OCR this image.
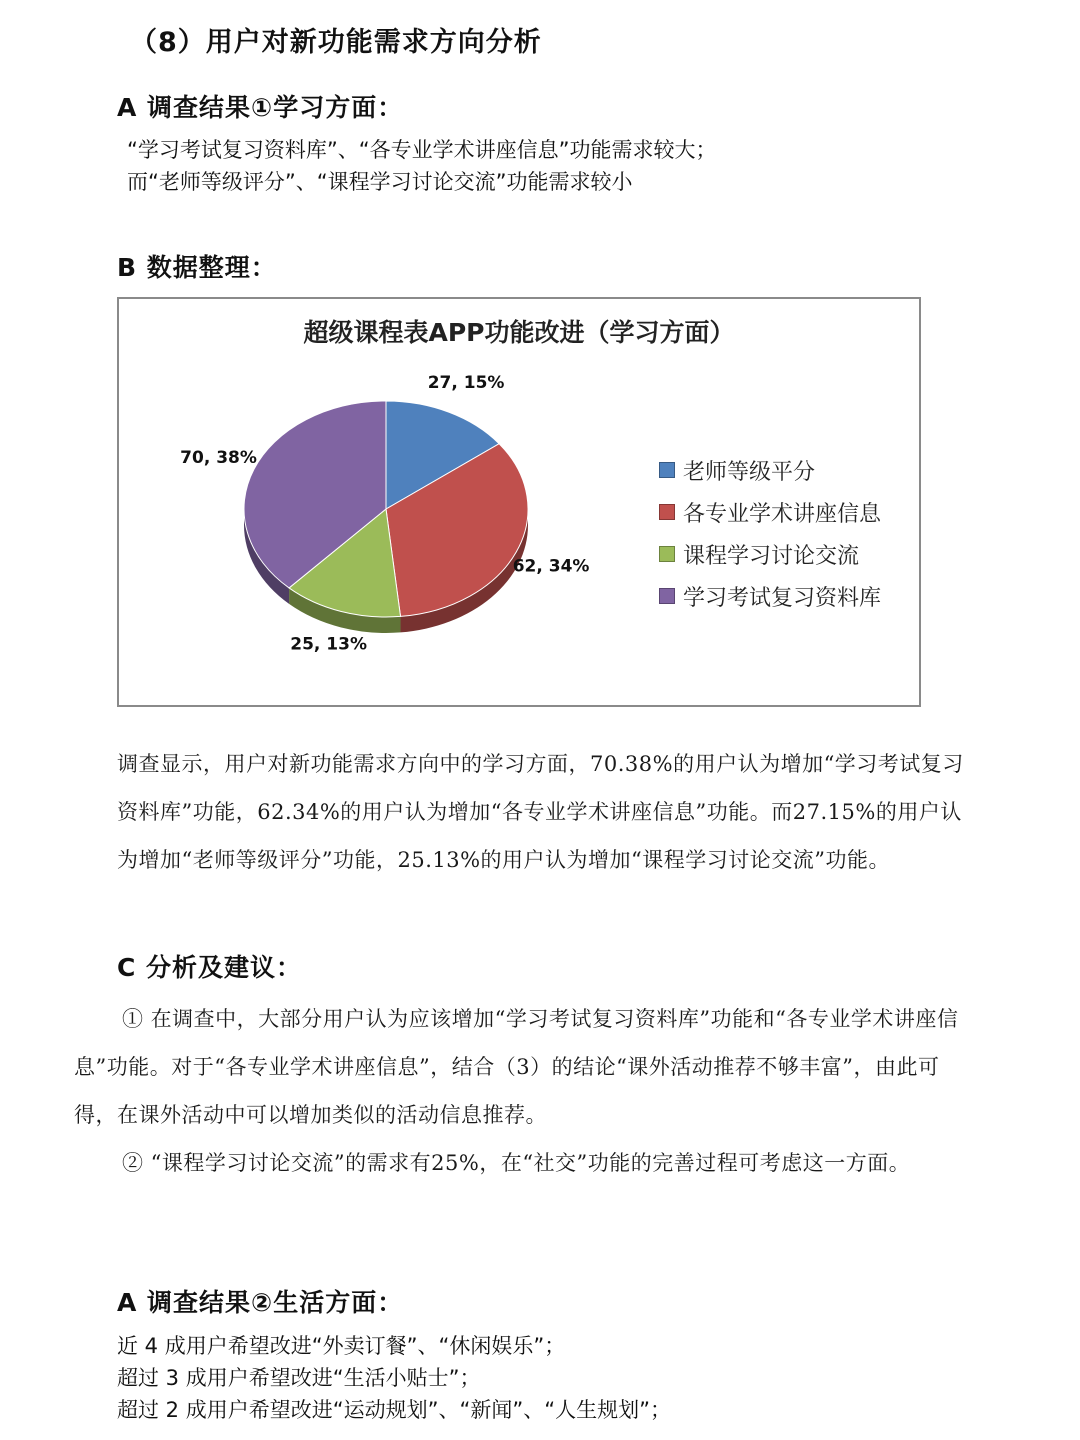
（8）用户对新功能需求方向分析
A 调查结果①学习方面：
“学习考试复习资料库”、“各专业学术讲座信息”功能需求较大；
而“老师等级评分”、“课程学习讨论交流”功能需求较小
B 数据整理：
超级课程表APP功能改进（学习方面）
27, 15%
62, 34%
25, 13%
70, 38%
老师等级平分
各专业学术讲座信息
课程学习讨论交流
学习考试复习资料库
调查显示，用户对新功能需求方向中的学习方面，70.38%的用户认为增加“学习考试复习资料库”功能，62.34%的用户认为增加“各专业学术讲座信息”功能。而27.15%的用户认为增加“老师等级评分”功能，25.13%的用户认为增加“课程学习讨论交流”功能。
C 分析及建议：
① 在调查中，大部分用户认为应该增加“学习考试复习资料库”功能和“各专业学术讲座信息”功能。对于“各专业学术讲座信息”，结合（3）的结论“课外活动推荐不够丰富”，由此可得，在课外活动中可以增加类似的活动信息推荐。
② “课程学习讨论交流”的需求有25%，在“社交”功能的完善过程可考虑这一方面。
A 调查结果②生活方面：
近 4 成用户希望改进“外卖订餐”、“休闲娱乐”；
超过 3 成用户希望改进“生活小贴士”；
超过 2 成用户希望改进“运动规划”、“新闻”、“人生规划”；
